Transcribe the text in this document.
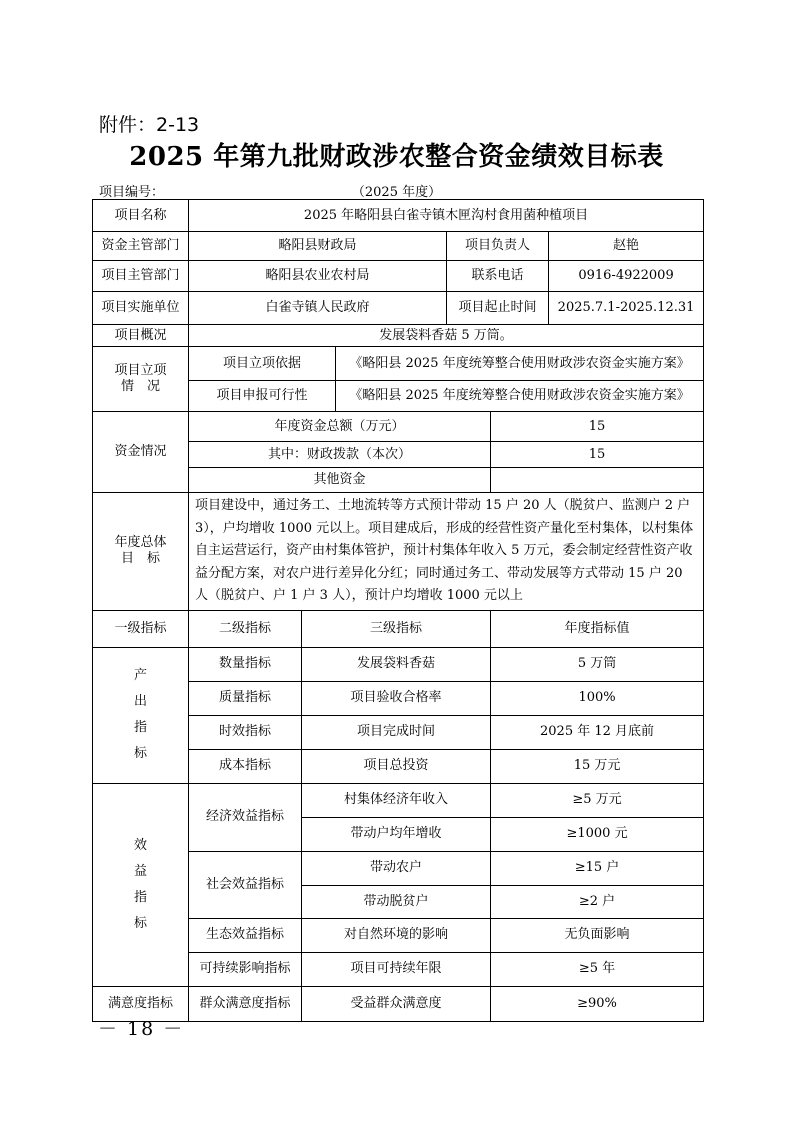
附件：2-13
2025 年第九批财政涉农整合资金绩效目标表
项目编号：	（2025 年度）
项目名称	2025 年略阳县白雀寺镇木匣沟村食用菌种植项目					
资金主管部门	略阳县财政局			项目负责人		赵艳
项目主管部门	略阳县农业农村局			联系电话		0916-4922009
项目实施单位	白雀寺镇人民政府			项目起止时间		2025.7.1-2025.12.31
项目概况	发展袋料香菇 5 万筒。					

项目立项
情　况	项目立项依据		《略阳县 2025 年度统筹整合使用财政涉农资金实施方案》			
	项目申报可行性		《略阳县 2025 年度统筹整合使用财政涉农资金实施方案》			
资金情况	年度资金总额（万元）				15	
	其中：财政拨款（本次）				15	
	其他资金					

年度总体
目　标	项目建设中，通过务工、土地流转等方式预计带动 15 户 20 人（脱贫户、监测户 2 户 3），户均增收 1000 元以上。项目建成后，形成的经营性资产量化至村集体，以村集体自主运营运行，资产由村集体管护，预计村集体年收入 5 万元，委会制定经营性资产收益分配方案，对农户进行差异化分红；同时通过务工、带动发展等方式带动 15 户 20 人（脱贫户、户 1 户 3 人），预计户均增收 1000 元以上					
一级指标	二级指标	三级指标			年度指标值	

产
出
指
标	数量指标	发展袋料香菇			5 万筒	
	质量指标	项目验收合格率			100%	
	时效指标	项目完成时间			2025 年 12 月底前	
	成本指标	项目总投资			15 万元	

效
益
指
标	经济效益指标	村集体经济年收入			≥5 万元	
		带动户均年增收			≥1000 元	
	社会效益指标	带动农户			≥15 户	
		带动脱贫户			≥2 户	
	生态效益指标	对自然环境的影响			无负面影响	
	可持续影响指标	项目可持续年限			≥5 年	
满意度指标	群众满意度指标	受益群众满意度			≥90%	
－ 18 －
